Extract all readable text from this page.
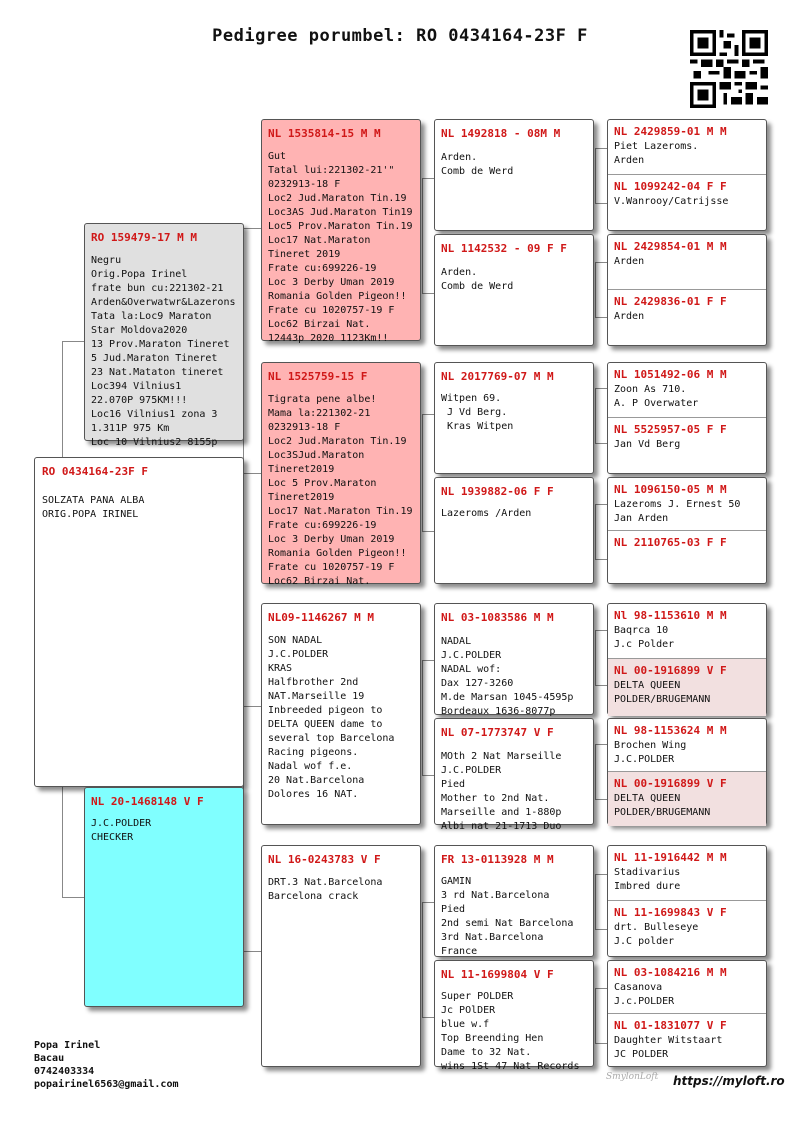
Pedigree porumbel: RO 0434164-23F F
RO 0434164-23F F
SOLZATA PANA ALBA
ORIG.POPA IRINEL
RO 159479-17 M M
Negru
Orig.Popa Irinel
frate bun cu:221302-21
Arden&Overwatwr&Lazerons
Tata la:Loc9 Maraton
Star Moldova2020
13 Prov.Maraton Tineret
5 Jud.Maraton Tineret
23 Nat.Mataton tineret
Loc394 Vilnius1
22.070P 975KM!!!
Loc16 Vilnius1 zona 3
1.311P 975 Km
Loc 10 Vilnius2 8155p
NL 20-1468148 V F
J.C.POLDER
CHECKER
NL 1535814-15 M M
Gut
Tatal lui:221302-21'"
0232913-18 F
Loc2 Jud.Maraton Tin.19
Loc3AS Jud.Maraton Tin19
Loc5 Prov.Maraton Tin.19
Loc17 Nat.Maraton
Tineret 2019
Frate cu:699226-19
Loc 3 Derby Uman 2019
Romania Golden Pigeon!!
Frate cu 1020757-19 F
Loc62 Birzai Nat.
12443p 2020 1123Km!!
NL 1525759-15 F
Tigrata pene albe!
Mama la:221302-21
0232913-18 F
Loc2 Jud.Maraton Tin.19
Loc3SJud.Maraton
Tineret2019
Loc 5 Prov.Maraton
Tineret2019
Loc17 Nat.Maraton Tin.19
Frate cu:699226-19
Loc 3 Derby Uman 2019
Romania Golden Pigeon!!
Frate cu 1020757-19 F
Loc62 Birzai Nat.
NL09-1146267 M M
SON NADAL
J.C.POLDER
KRAS
Halfbrother 2nd
NAT.Marseille 19
Inbreeded pigeon to
DELTA QUEEN dame to
several top Barcelona
Racing pigeons.
Nadal wof f.e.
20 Nat.Barcelona
Dolores 16 NAT.
NL 16-0243783 V F
DRT.3 Nat.Barcelona
Barcelona crack
NL 1492818 - 08M M
Arden.
Comb de Werd
NL 1142532 - 09 F F
Arden.
Comb de Werd
NL 2017769-07 M M
Witpen 69.
J Vd Berg.
Kras Witpen
NL 1939882-06 F F
Lazeroms /Arden
NL 03-1083586 M M
NADAL
J.C.POLDER
NADAL wof:
Dax 127-3260
M.de Marsan 1045-4595p
Bordeaux 1636-8077p
NL 07-1773747 V F
MOth 2 Nat Marseille
J.C.POLDER
Pied
Mother to 2nd Nat.
Marseille and 1-880p
Albi nat 21-1713 Duo
FR 13-0113928 M M
GAMIN
3 rd Nat.Barcelona
Pied
2nd semi Nat Barcelona
3rd Nat.Barcelona
France
NL 11-1699804 V F
Super POLDER
Jc POlDER
blue w.f
Top Breending Hen
Dame to 32 Nat.
wins 1St 47 Nat Records
NL 2429859-01 M M
Piet Lazeroms.
Arden
NL 1099242-04 F F
V.Wanrooy/Catrijsse
NL 2429854-01 M M
Arden
NL 2429836-01 F F
Arden
NL 1051492-06 M M
Zoon As 710.
A. P Overwater
NL 5525957-05 F F
Jan Vd Berg
NL 1096150-05 M M
Lazeroms J. Ernest 50
Jan Arden
NL 2110765-03 F F
Nl 98-1153610 M M
Baqrca 10
J.c Polder
NL 00-1916899 V F
DELTA QUEEN
POLDER/BRUGEMANN
NL 98-1153624 M M
Brochen Wing
J.C.POLDER
NL 00-1916899 V F
DELTA QUEEN
POLDER/BRUGEMANN
NL 11-1916442 M M
Stadivarius
Imbred dure
NL 11-1699843 V F
drt. Bulleseye
J.C polder
NL 03-1084216 M M
Casanova
J.c.POLDER
NL 01-1831077 V F
Daughter Witstaart
JC POLDER
Popa Irinel
Bacau
0742403334
popairinel6563@gmail.com
SmylonLoft https://myloft.ro
